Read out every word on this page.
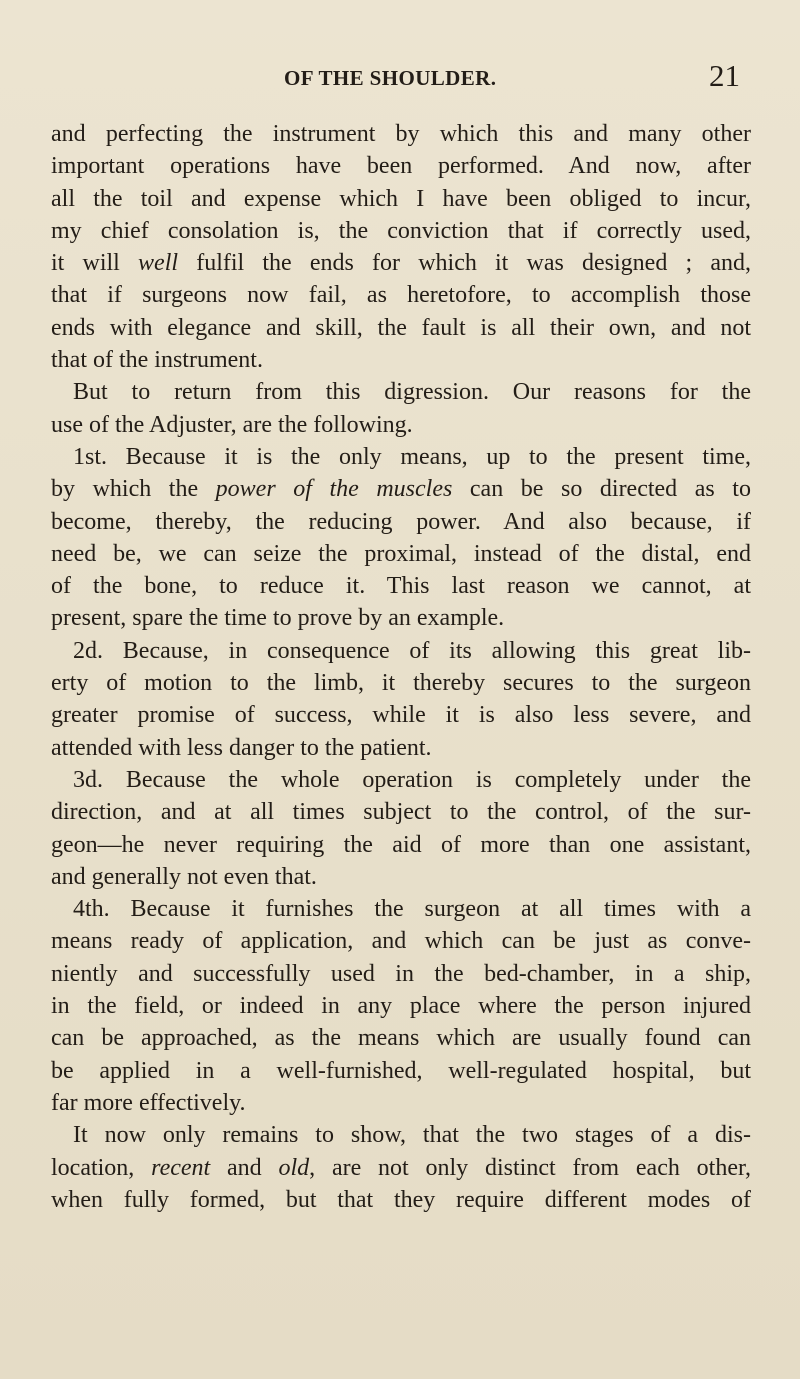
OF THE SHOULDER.	21
and perfecting the instrument by which this and many other
important operations have been performed. And now, after
all the toil and expense which I have been obliged to incur,
my chief consolation is, the conviction that if correctly used,
it will well fulfil the ends for which it was designed ; and,
that if surgeons now fail, as heretofore, to accomplish those
ends with elegance and skill, the fault is all their own, and not
that of the instrument.
But to return from this digression. Our reasons for the
use of the Adjuster, are the following.
1st. Because it is the only means, up to the present time,
by which the power of the muscles can be so directed as to
become, thereby, the reducing power. And also because, if
need be, we can seize the proximal, instead of the distal, end
of the bone, to reduce it. This last reason we cannot, at
present, spare the time to prove by an example.
2d. Because, in consequence of its allowing this great lib-
erty of motion to the limb, it thereby secures to the surgeon
greater promise of success, while it is also less severe, and
attended with less danger to the patient.
3d. Because the whole operation is completely under the
direction, and at all times subject to the control, of the sur-
geon—he never requiring the aid of more than one assistant,
and generally not even that.
4th. Because it furnishes the surgeon at all times with a
means ready of application, and which can be just as conve-
niently and successfully used in the bed-chamber, in a ship,
in the field, or indeed in any place where the person injured
can be approached, as the means which are usually found can
be applied in a well-furnished, well-regulated hospital, but
far more effectively.
It now only remains to show, that the two stages of a dis-
location, recent and old, are not only distinct from each other,
when fully formed, but that they require different modes of
